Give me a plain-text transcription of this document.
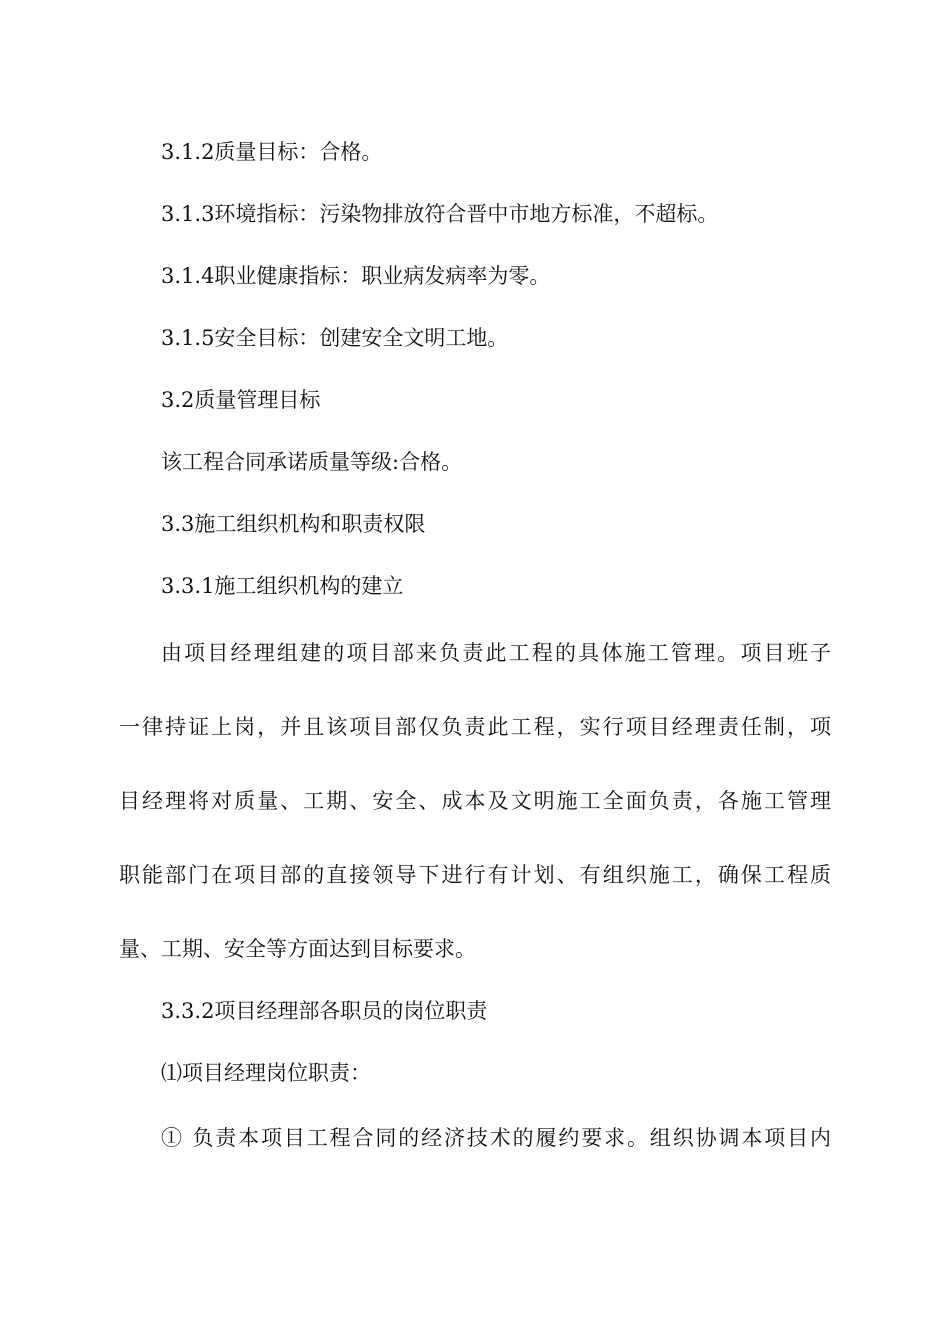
3.1.2质量目标：合格。
3.1.3环境指标：污染物排放符合晋中市地方标准，不超标。
3.1.4职业健康指标：职业病发病率为零。
3.1.5安全目标：创建安全文明工地。
3.2质量管理目标
该工程合同承诺质量等级:合格。
3.3施工组织机构和职责权限
3.3.1施工组织机构的建立
由项目经理组建的项目部来负责此工程的具体施工管理。项目班子
一律持证上岗，并且该项目部仅负责此工程，实行项目经理责任制，项
目经理将对质量、工期、安全、成本及文明施工全面负责，各施工管理
职能部门在项目部的直接领导下进行有计划、有组织施工，确保工程质
量、工期、安全等方面达到目标要求。
3.3.2项目经理部各职员的岗位职责
⑴项目经理岗位职责：
① 负责本项目工程合同的经济技术的履约要求。组织协调本项目内
